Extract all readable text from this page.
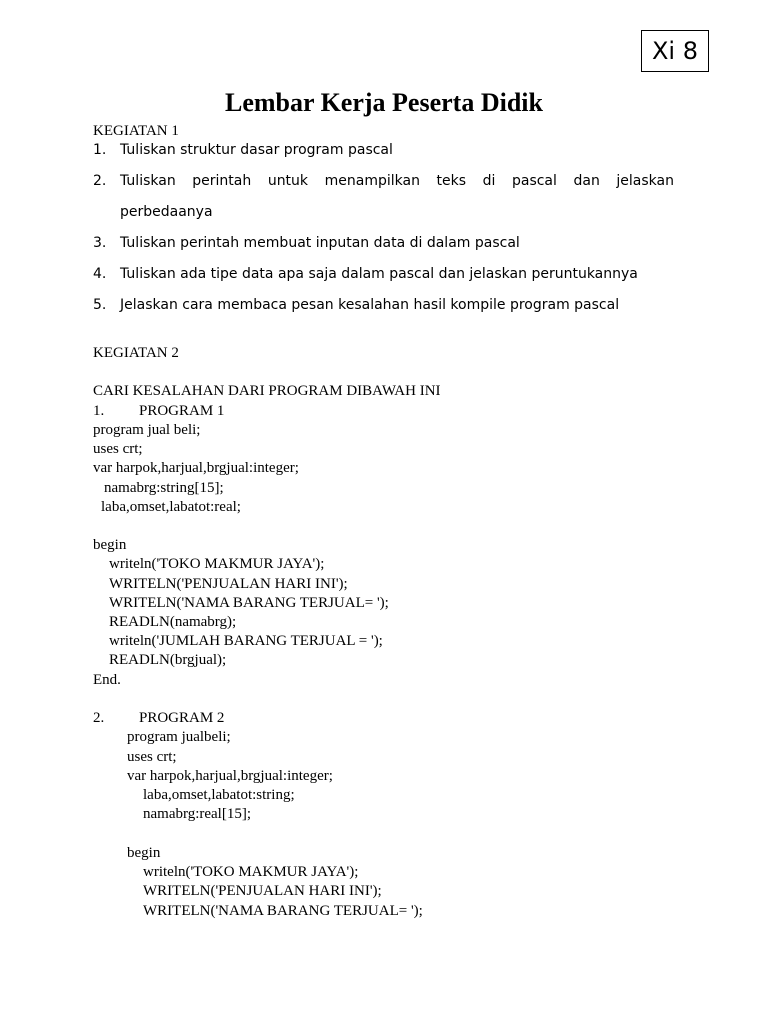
Xi 8
Lembar Kerja Peserta Didik
KEGIATAN 1
1. Tuliskan struktur dasar program pascal
2. Tuliskan perintah untuk menampilkan teks di pascal dan jelaskan
perbedaanya
3. Tuliskan perintah membuat inputan data di dalam pascal
4. Tuliskan ada tipe data apa saja dalam pascal dan jelaskan peruntukannya
5. Jelaskan cara membaca pesan kesalahan hasil kompile program pascal
KEGIATAN 2
CARI KESALAHAN DARI PROGRAM DIBAWAH INI
1. PROGRAM 1
program jual beli;
uses crt;
var harpok,harjual,brgjual:integer;
namabrg:string[15];
laba,omset,labatot:real;
begin
writeln('TOKO MAKMUR JAYA');
WRITELN('PENJUALAN HARI INI');
WRITELN('NAMA BARANG TERJUAL= ');
READLN(namabrg);
writeln('JUMLAH BARANG TERJUAL = ');
READLN(brgjual);
End.
2. PROGRAM 2
program jualbeli;
uses crt;
var harpok,harjual,brgjual:integer;
laba,omset,labatot:string;
namabrg:real[15];
begin
writeln('TOKO MAKMUR JAYA');
WRITELN('PENJUALAN HARI INI');
WRITELN('NAMA BARANG TERJUAL= ');
